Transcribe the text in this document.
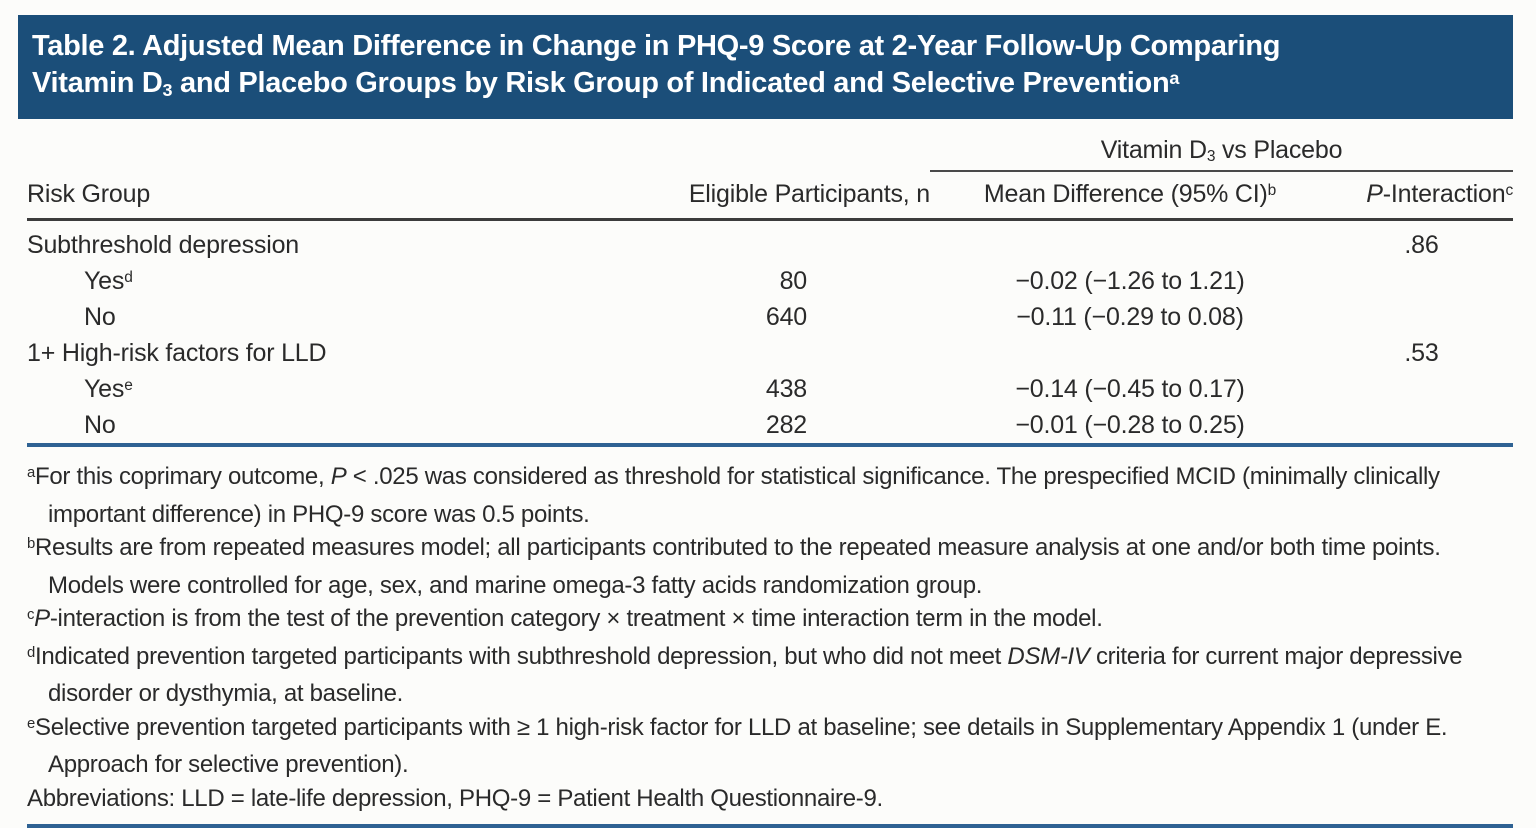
Table 2. Adjusted Mean Difference in Change in PHQ-9 Score at 2-Year Follow-Up Comparing
Vitamin $D_3$ and Placebo Groups by Risk Group of Indicated and Selective Prevention$^a$
		Vitamin $D_3$ vs Placebo	
Risk Group	Eligible Participants, n	Mean Difference (95% CI)$^b$	P-Interaction$^c$
Subthreshold depression			.86
Yes$^d$	80	−0.02 (−1.26 to 1.21)	
No	640	−0.11 (−0.29 to 0.08)	
1+ High-risk factors for LLD			.53
Yes$^e$	438	−0.14 (−0.45 to 0.17)	
No	282	−0.01 (−0.28 to 0.25)	
$^a$For this coprimary outcome, P < .025 was considered as threshold for statistical significance. The prespecified MCID (minimally clinically important difference) in PHQ-9 score was 0.5 points.
$^b$Results are from repeated measures model; all participants contributed to the repeated measure analysis at one and/or both time points. Models were controlled for age, sex, and marine omega-3 fatty acids randomization group.
$^c$P-interaction is from the test of the prevention category × treatment × time interaction term in the model.
$^d$Indicated prevention targeted participants with subthreshold depression, but who did not meet DSM-IV criteria for current major depressive disorder or dysthymia, at baseline.
$^e$Selective prevention targeted participants with ≥ 1 high-risk factor for LLD at baseline; see details in Supplementary Appendix 1 (under E. Approach for selective prevention).
Abbreviations: LLD = late-life depression, PHQ-9 = Patient Health Questionnaire-9.
